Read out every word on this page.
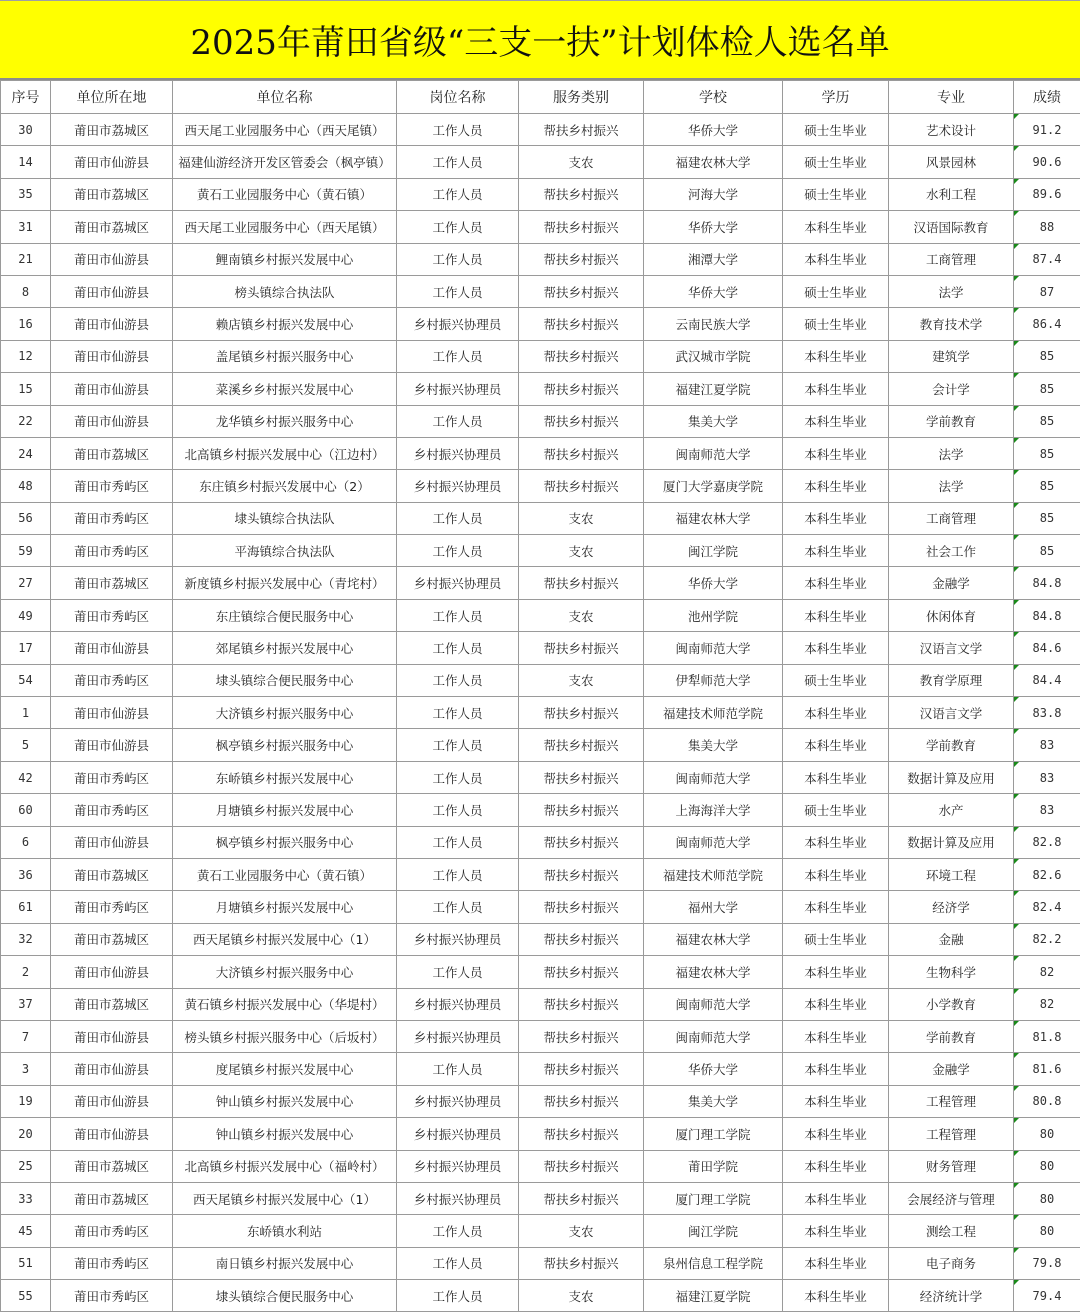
2025年莆田省级“三支一扶”计划体检人选名单
序号	单位所在地	单位名称	岗位名称	服务类别	学校	学历	专业	成绩
30	莆田市荔城区	西天尾工业园服务中心（西天尾镇）	工作人员	帮扶乡村振兴	华侨大学	硕士生毕业	艺术设计	91.2
14	莆田市仙游县	福建仙游经济开发区管委会（枫亭镇）	工作人员	支农	福建农林大学	硕士生毕业	风景园林	90.6
35	莆田市荔城区	黄石工业园服务中心（黄石镇）	工作人员	帮扶乡村振兴	河海大学	硕士生毕业	水利工程	89.6
31	莆田市荔城区	西天尾工业园服务中心（西天尾镇）	工作人员	帮扶乡村振兴	华侨大学	本科生毕业	汉语国际教育	88
21	莆田市仙游县	鲤南镇乡村振兴发展中心	工作人员	帮扶乡村振兴	湘潭大学	本科生毕业	工商管理	87.4
8	莆田市仙游县	榜头镇综合执法队	工作人员	帮扶乡村振兴	华侨大学	硕士生毕业	法学	87
16	莆田市仙游县	赖店镇乡村振兴发展中心	乡村振兴协理员	帮扶乡村振兴	云南民族大学	硕士生毕业	教育技术学	86.4
12	莆田市仙游县	盖尾镇乡村振兴服务中心	工作人员	帮扶乡村振兴	武汉城市学院	本科生毕业	建筑学	85
15	莆田市仙游县	菜溪乡乡村振兴发展中心	乡村振兴协理员	帮扶乡村振兴	福建江夏学院	本科生毕业	会计学	85
22	莆田市仙游县	龙华镇乡村振兴服务中心	工作人员	帮扶乡村振兴	集美大学	本科生毕业	学前教育	85
24	莆田市荔城区	北高镇乡村振兴发展中心（江边村）	乡村振兴协理员	帮扶乡村振兴	闽南师范大学	本科生毕业	法学	85
48	莆田市秀屿区	东庄镇乡村振兴发展中心（2）	乡村振兴协理员	帮扶乡村振兴	厦门大学嘉庚学院	本科生毕业	法学	85
56	莆田市秀屿区	埭头镇综合执法队	工作人员	支农	福建农林大学	本科生毕业	工商管理	85
59	莆田市秀屿区	平海镇综合执法队	工作人员	支农	闽江学院	本科生毕业	社会工作	85
27	莆田市荔城区	新度镇乡村振兴发展中心（青垞村）	乡村振兴协理员	帮扶乡村振兴	华侨大学	本科生毕业	金融学	84.8
49	莆田市秀屿区	东庄镇综合便民服务中心	工作人员	支农	池州学院	本科生毕业	休闲体育	84.8
17	莆田市仙游县	郊尾镇乡村振兴发展中心	工作人员	帮扶乡村振兴	闽南师范大学	本科生毕业	汉语言文学	84.6
54	莆田市秀屿区	埭头镇综合便民服务中心	工作人员	支农	伊犁师范大学	硕士生毕业	教育学原理	84.4
1	莆田市仙游县	大济镇乡村振兴服务中心	工作人员	帮扶乡村振兴	福建技术师范学院	本科生毕业	汉语言文学	83.8
5	莆田市仙游县	枫亭镇乡村振兴服务中心	工作人员	帮扶乡村振兴	集美大学	本科生毕业	学前教育	83
42	莆田市秀屿区	东峤镇乡村振兴发展中心	工作人员	帮扶乡村振兴	闽南师范大学	本科生毕业	数据计算及应用	83
60	莆田市秀屿区	月塘镇乡村振兴发展中心	工作人员	帮扶乡村振兴	上海海洋大学	硕士生毕业	水产	83
6	莆田市仙游县	枫亭镇乡村振兴服务中心	工作人员	帮扶乡村振兴	闽南师范大学	本科生毕业	数据计算及应用	82.8
36	莆田市荔城区	黄石工业园服务中心（黄石镇）	工作人员	帮扶乡村振兴	福建技术师范学院	本科生毕业	环境工程	82.6
61	莆田市秀屿区	月塘镇乡村振兴发展中心	工作人员	帮扶乡村振兴	福州大学	本科生毕业	经济学	82.4
32	莆田市荔城区	西天尾镇乡村振兴发展中心（1）	乡村振兴协理员	帮扶乡村振兴	福建农林大学	硕士生毕业	金融	82.2
2	莆田市仙游县	大济镇乡村振兴服务中心	工作人员	帮扶乡村振兴	福建农林大学	本科生毕业	生物科学	82
37	莆田市荔城区	黄石镇乡村振兴发展中心（华堤村）	乡村振兴协理员	帮扶乡村振兴	闽南师范大学	本科生毕业	小学教育	82
7	莆田市仙游县	榜头镇乡村振兴服务中心（后坂村）	乡村振兴协理员	帮扶乡村振兴	闽南师范大学	本科生毕业	学前教育	81.8
3	莆田市仙游县	度尾镇乡村振兴发展中心	工作人员	帮扶乡村振兴	华侨大学	本科生毕业	金融学	81.6
19	莆田市仙游县	钟山镇乡村振兴发展中心	乡村振兴协理员	帮扶乡村振兴	集美大学	本科生毕业	工程管理	80.8
20	莆田市仙游县	钟山镇乡村振兴发展中心	乡村振兴协理员	帮扶乡村振兴	厦门理工学院	本科生毕业	工程管理	80
25	莆田市荔城区	北高镇乡村振兴发展中心（福岭村）	乡村振兴协理员	帮扶乡村振兴	莆田学院	本科生毕业	财务管理	80
33	莆田市荔城区	西天尾镇乡村振兴发展中心（1）	乡村振兴协理员	帮扶乡村振兴	厦门理工学院	本科生毕业	会展经济与管理	80
45	莆田市秀屿区	东峤镇水利站	工作人员	支农	闽江学院	本科生毕业	测绘工程	80
51	莆田市秀屿区	南日镇乡村振兴发展中心	工作人员	帮扶乡村振兴	泉州信息工程学院	本科生毕业	电子商务	79.8
55	莆田市秀屿区	埭头镇综合便民服务中心	工作人员	支农	福建江夏学院	本科生毕业	经济统计学	79.4
